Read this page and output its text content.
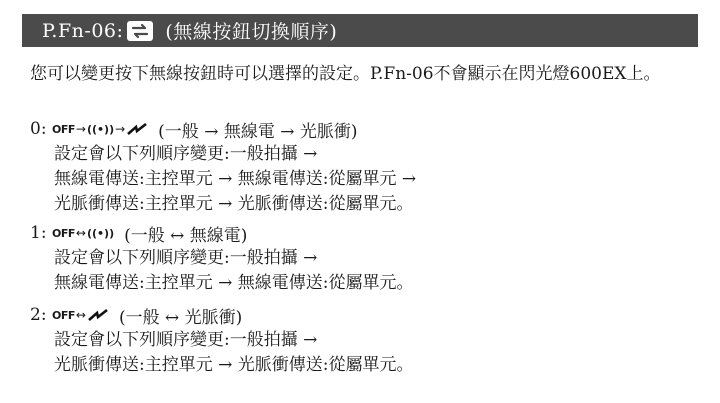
P.Fn-06: (無線按鈕切換順序)
您可以變更按下無線按鈕時可以選擇的設定。P.Fn-06不會顯示在閃光燈600EX上。
0: OFF → ((•)) → (一般 → 無線電 → 光脈衝)
設定會以下列順序變更:一般拍攝 →
無線電傳送:主控單元 → 無線電傳送:從屬單元 →
光脈衝傳送:主控單元 → 光脈衝傳送:從屬單元。
1: OFF ↔ ((•)) (一般 ↔ 無線電)
設定會以下列順序變更:一般拍攝 →
無線電傳送:主控單元 → 無線電傳送:從屬單元。
2: OFF ↔ (一般 ↔ 光脈衝)
設定會以下列順序變更:一般拍攝 →
光脈衝傳送:主控單元 → 光脈衝傳送:從屬單元。
